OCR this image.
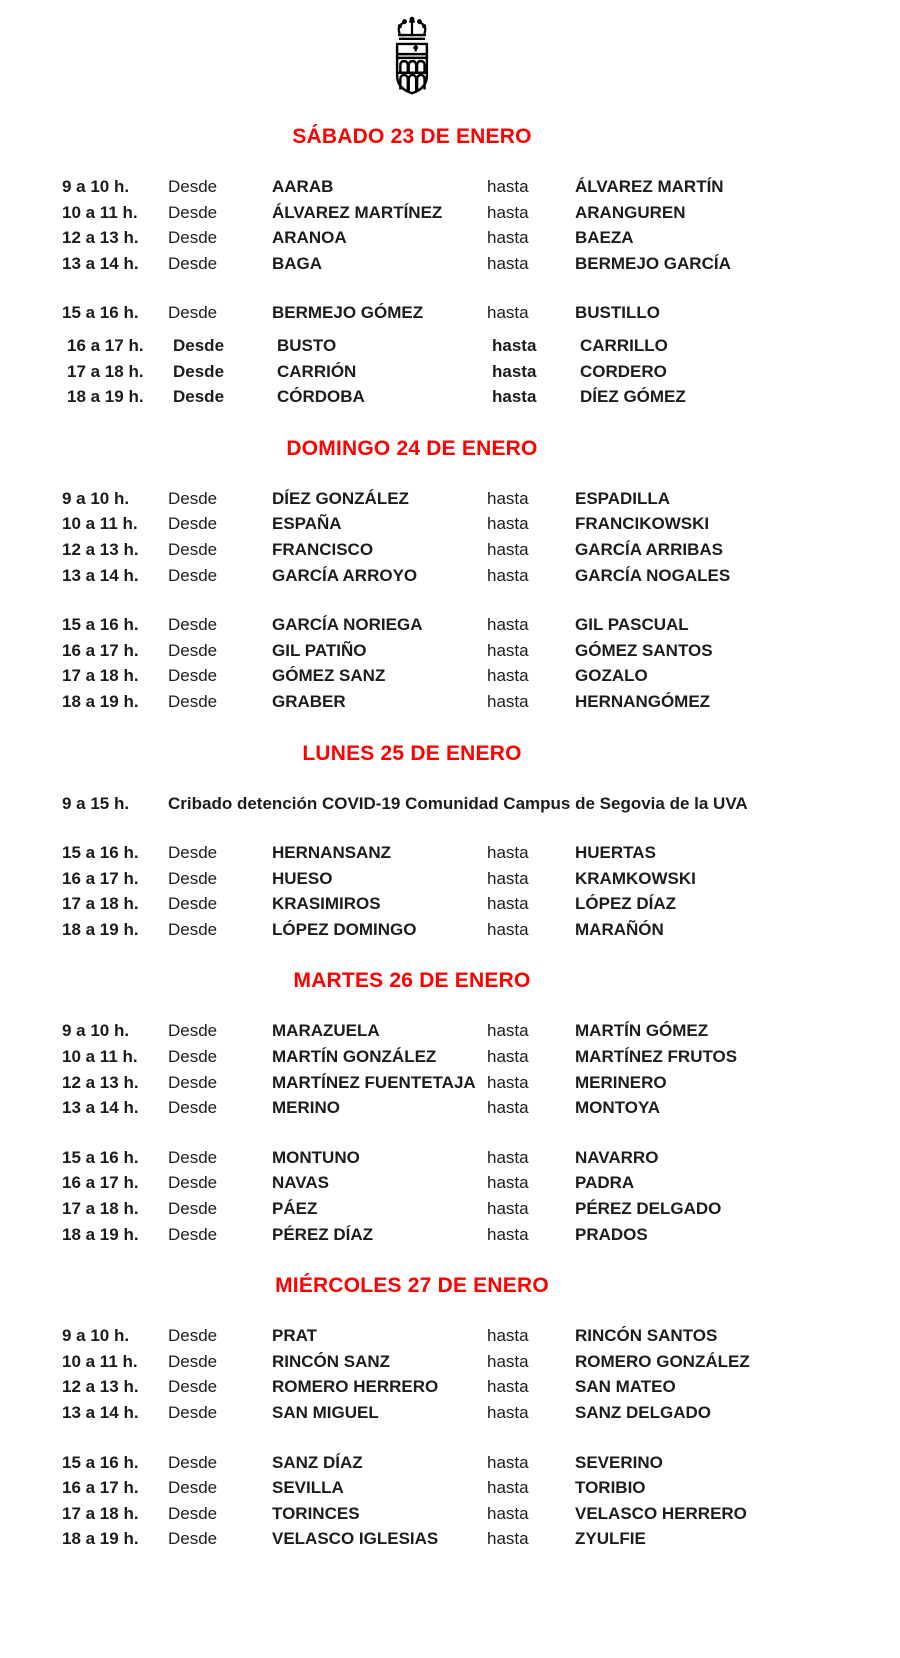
SÁBADO 23 DE ENERO
9 a 10 h.	Desde	AARAB	hasta	ÁLVAREZ MARTÍN
10 a 11 h.	Desde	ÁLVAREZ MARTÍNEZ	hasta	ARANGUREN
12 a 13 h.	Desde	ARANOA	hasta	BAEZA
13 a 14 h.	Desde	BAGA	hasta	BERMEJO GARCÍA
15 a 16 h.	Desde	BERMEJO GÓMEZ	hasta	BUSTILLO
16 a 17 h.	Desde	BUSTO	hasta	CARRILLO
17 a 18 h.	Desde	CARRIÓN	hasta	CORDERO
18 a 19 h.	Desde	CÓRDOBA	hasta	DÍEZ GÓMEZ
DOMINGO 24 DE ENERO
9 a 10 h.	Desde	DÍEZ GONZÁLEZ	hasta	ESPADILLA
10 a 11 h.	Desde	ESPAÑA	hasta	FRANCIKOWSKI
12 a 13 h.	Desde	FRANCISCO	hasta	GARCÍA ARRIBAS
13 a 14 h.	Desde	GARCÍA ARROYO	hasta	GARCÍA NOGALES
15 a 16 h.	Desde	GARCÍA NORIEGA	hasta	GIL PASCUAL
16 a 17 h.	Desde	GIL PATIÑO	hasta	GÓMEZ SANTOS
17 a 18 h.	Desde	GÓMEZ SANZ	hasta	GOZALO
18 a 19 h.	Desde	GRABER	hasta	HERNANGÓMEZ
LUNES 25 DE ENERO
9 a 15 h.	Cribado detención COVID-19 Comunidad Campus de Segovia de la UVA
15 a 16 h.	Desde	HERNANSANZ	hasta	HUERTAS
16 a 17 h.	Desde	HUESO	hasta	KRAMKOWSKI
17 a 18 h.	Desde	KRASIMIROS	hasta	LÓPEZ DÍAZ
18 a 19 h.	Desde	LÓPEZ DOMINGO	hasta	MARAÑÓN
MARTES 26 DE ENERO
9 a 10 h.	Desde	MARAZUELA	hasta	MARTÍN GÓMEZ
10 a 11 h.	Desde	MARTÍN GONZÁLEZ	hasta	MARTÍNEZ FRUTOS
12 a 13 h.	Desde	MARTÍNEZ FUENTETAJA hasta	MERINERO
13 a 14 h.	Desde	MERINO	hasta	MONTOYA
15 a 16 h.	Desde	MONTUNO	hasta	NAVARRO
16 a 17 h.	Desde	NAVAS	hasta	PADRA
17 a 18 h.	Desde	PÁEZ	hasta	PÉREZ DELGADO
18 a 19 h.	Desde	PÉREZ DÍAZ	hasta	PRADOS
MIÉRCOLES 27 DE ENERO
9 a 10 h.	Desde	PRAT	hasta	RINCÓN SANTOS
10 a 11 h.	Desde	RINCÓN SANZ	hasta	ROMERO GONZÁLEZ
12 a 13 h.	Desde	ROMERO HERRERO	hasta	SAN MATEO
13 a 14 h.	Desde	SAN MIGUEL	hasta	SANZ DELGADO
15 a 16 h.	Desde	SANZ DÍAZ	hasta	SEVERINO
16 a 17 h.	Desde	SEVILLA	hasta	TORIBIO
17 a 18 h.	Desde	TORINCES	hasta	VELASCO HERRERO
18 a 19 h.	Desde	VELASCO IGLESIAS	hasta	ZYULFIE
